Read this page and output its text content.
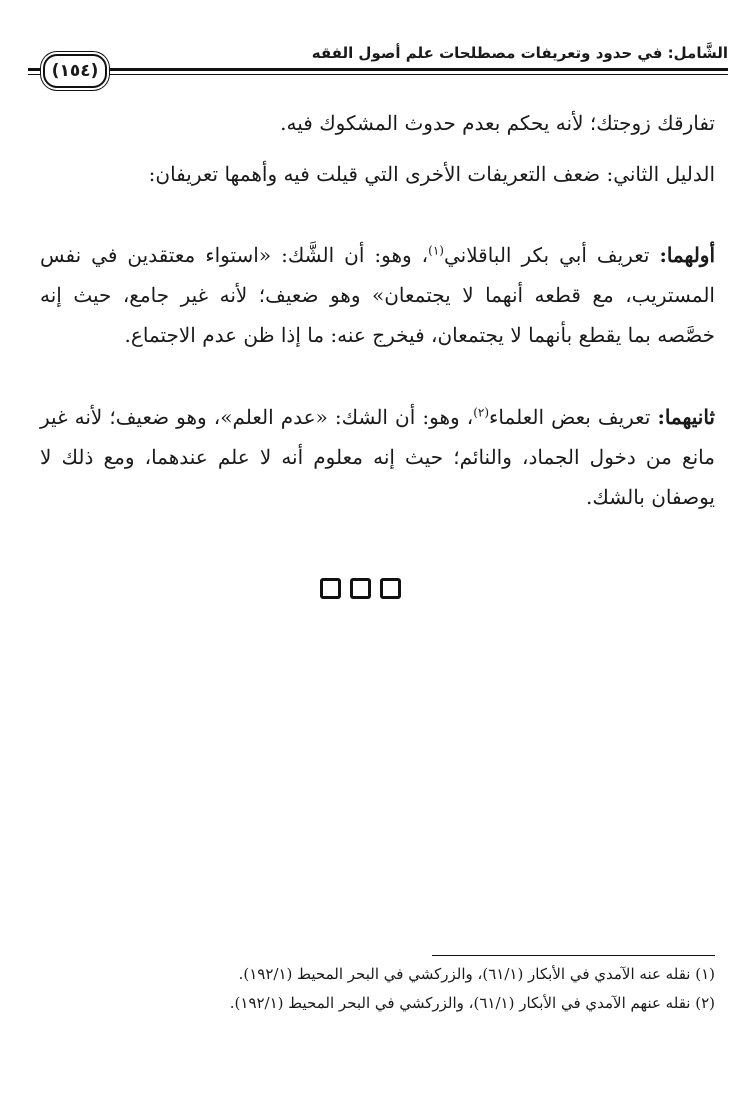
الشَّامل: في حدود وتعريفات مصطلحات علم أصول الفقه
(١٥٤)

تفارقك زوجتك؛ لأنه يحكم بعدم حدوث المشكوك فيه.

الدليل الثاني: ضعف التعريفات الأخرى التي قيلت فيه وأهمها تعريفان:

أولهما: تعريف أبي بكر الباقلاني$^{(١)}$، وهو: أن الشَّك: «استواء معتقدين في نفس المستريب، مع قطعه أنهما لا يجتمعان» وهو ضعيف؛ لأنه غير جامع، حيث إنه خصَّصه بما يقطع بأنهما لا يجتمعان، فيخرج عنه: ما إذا ظن عدم الاجتماع.

ثانيهما: تعريف بعض العلماء$^{(٢)}$، وهو: أن الشك: «عدم العلم»، وهو ضعيف؛ لأنه غير مانع من دخول الجماد، والنائم؛ حيث إنه معلوم أنه لا علم عندهما، ومع ذلك لا يوصفان بالشك.

(١) نقله عنه الآمدي في الأبكار (٦١/١)، والزركشي في البحر المحيط (١٩٢/١).
(٢) نقله عنهم الآمدي في الأبكار (٦١/١)، والزركشي في البحر المحيط (١٩٢/١).
